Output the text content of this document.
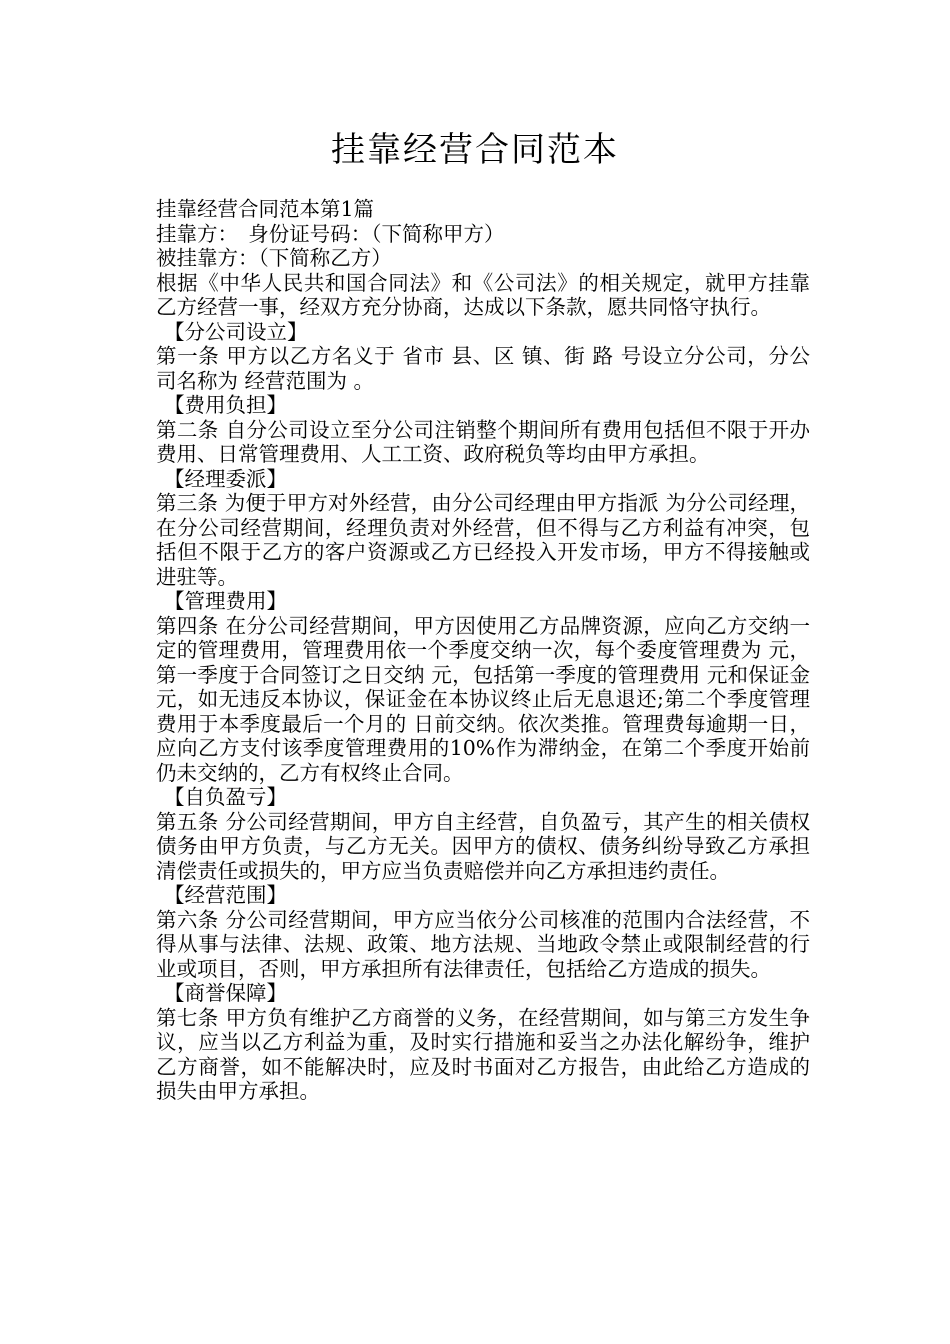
挂靠经营合同范本

挂靠经营合同范本第1篇

挂靠方：　身份证号码：（下简称甲方）

被挂靠方：（下简称乙方）

根据《中华人民共和国合同法》和《公司法》的相关规定，就甲方挂靠乙方经营一事，经双方充分协商，达成以下条款，愿共同恪守执行。

【分公司设立】

第一条 甲方以乙方名义于 省市 县、区 镇、街 路 号设立分公司，分公司名称为 经营范围为 。

【费用负担】

第二条 自分公司设立至分公司注销整个期间所有费用包括但不限于开办费用、日常管理费用、人工工资、政府税负等均由甲方承担。

【经理委派】

第三条 为便于甲方对外经营，由分公司经理由甲方指派 为分公司经理，在分公司经营期间，经理负责对外经营，但不得与乙方利益有冲突，包括但不限于乙方的客户资源或乙方已经投入开发市场，甲方不得接触或进驻等。

【管理费用】

第四条 在分公司经营期间，甲方因使用乙方品牌资源，应向乙方交纳一定的管理费用，管理费用依一个季度交纳一次，每个委度管理费为 元，第一季度于合同签订之日交纳 元，包括第一季度的管理费用 元和保证金 元，如无违反本协议，保证金在本协议终止后无息退还;第二个季度管理费用于本季度最后一个月的 日前交纳。依次类推。管理费每逾期一日，应向乙方支付该季度管理费用的10%作为滞纳金，在第二个季度开始前仍未交纳的，乙方有权终止合同。

【自负盈亏】

第五条 分公司经营期间，甲方自主经营，自负盈亏，其产生的相关债权债务由甲方负责，与乙方无关。因甲方的债权、债务纠纷导致乙方承担清偿责任或损失的，甲方应当负责赔偿并向乙方承担违约责任。

【经营范围】

第六条 分公司经营期间，甲方应当依分公司核准的范围内合法经营，不得从事与法律、法规、政策、地方法规、当地政令禁止或限制经营的行业或项目，否则，甲方承担所有法律责任，包括给乙方造成的损失。

【商誉保障】

第七条 甲方负有维护乙方商誉的义务，在经营期间，如与第三方发生争议，应当以乙方利益为重，及时实行措施和妥当之办法化解纷争，维护乙方商誉，如不能解决时，应及时书面对乙方报告，由此给乙方造成的损失由甲方承担。
